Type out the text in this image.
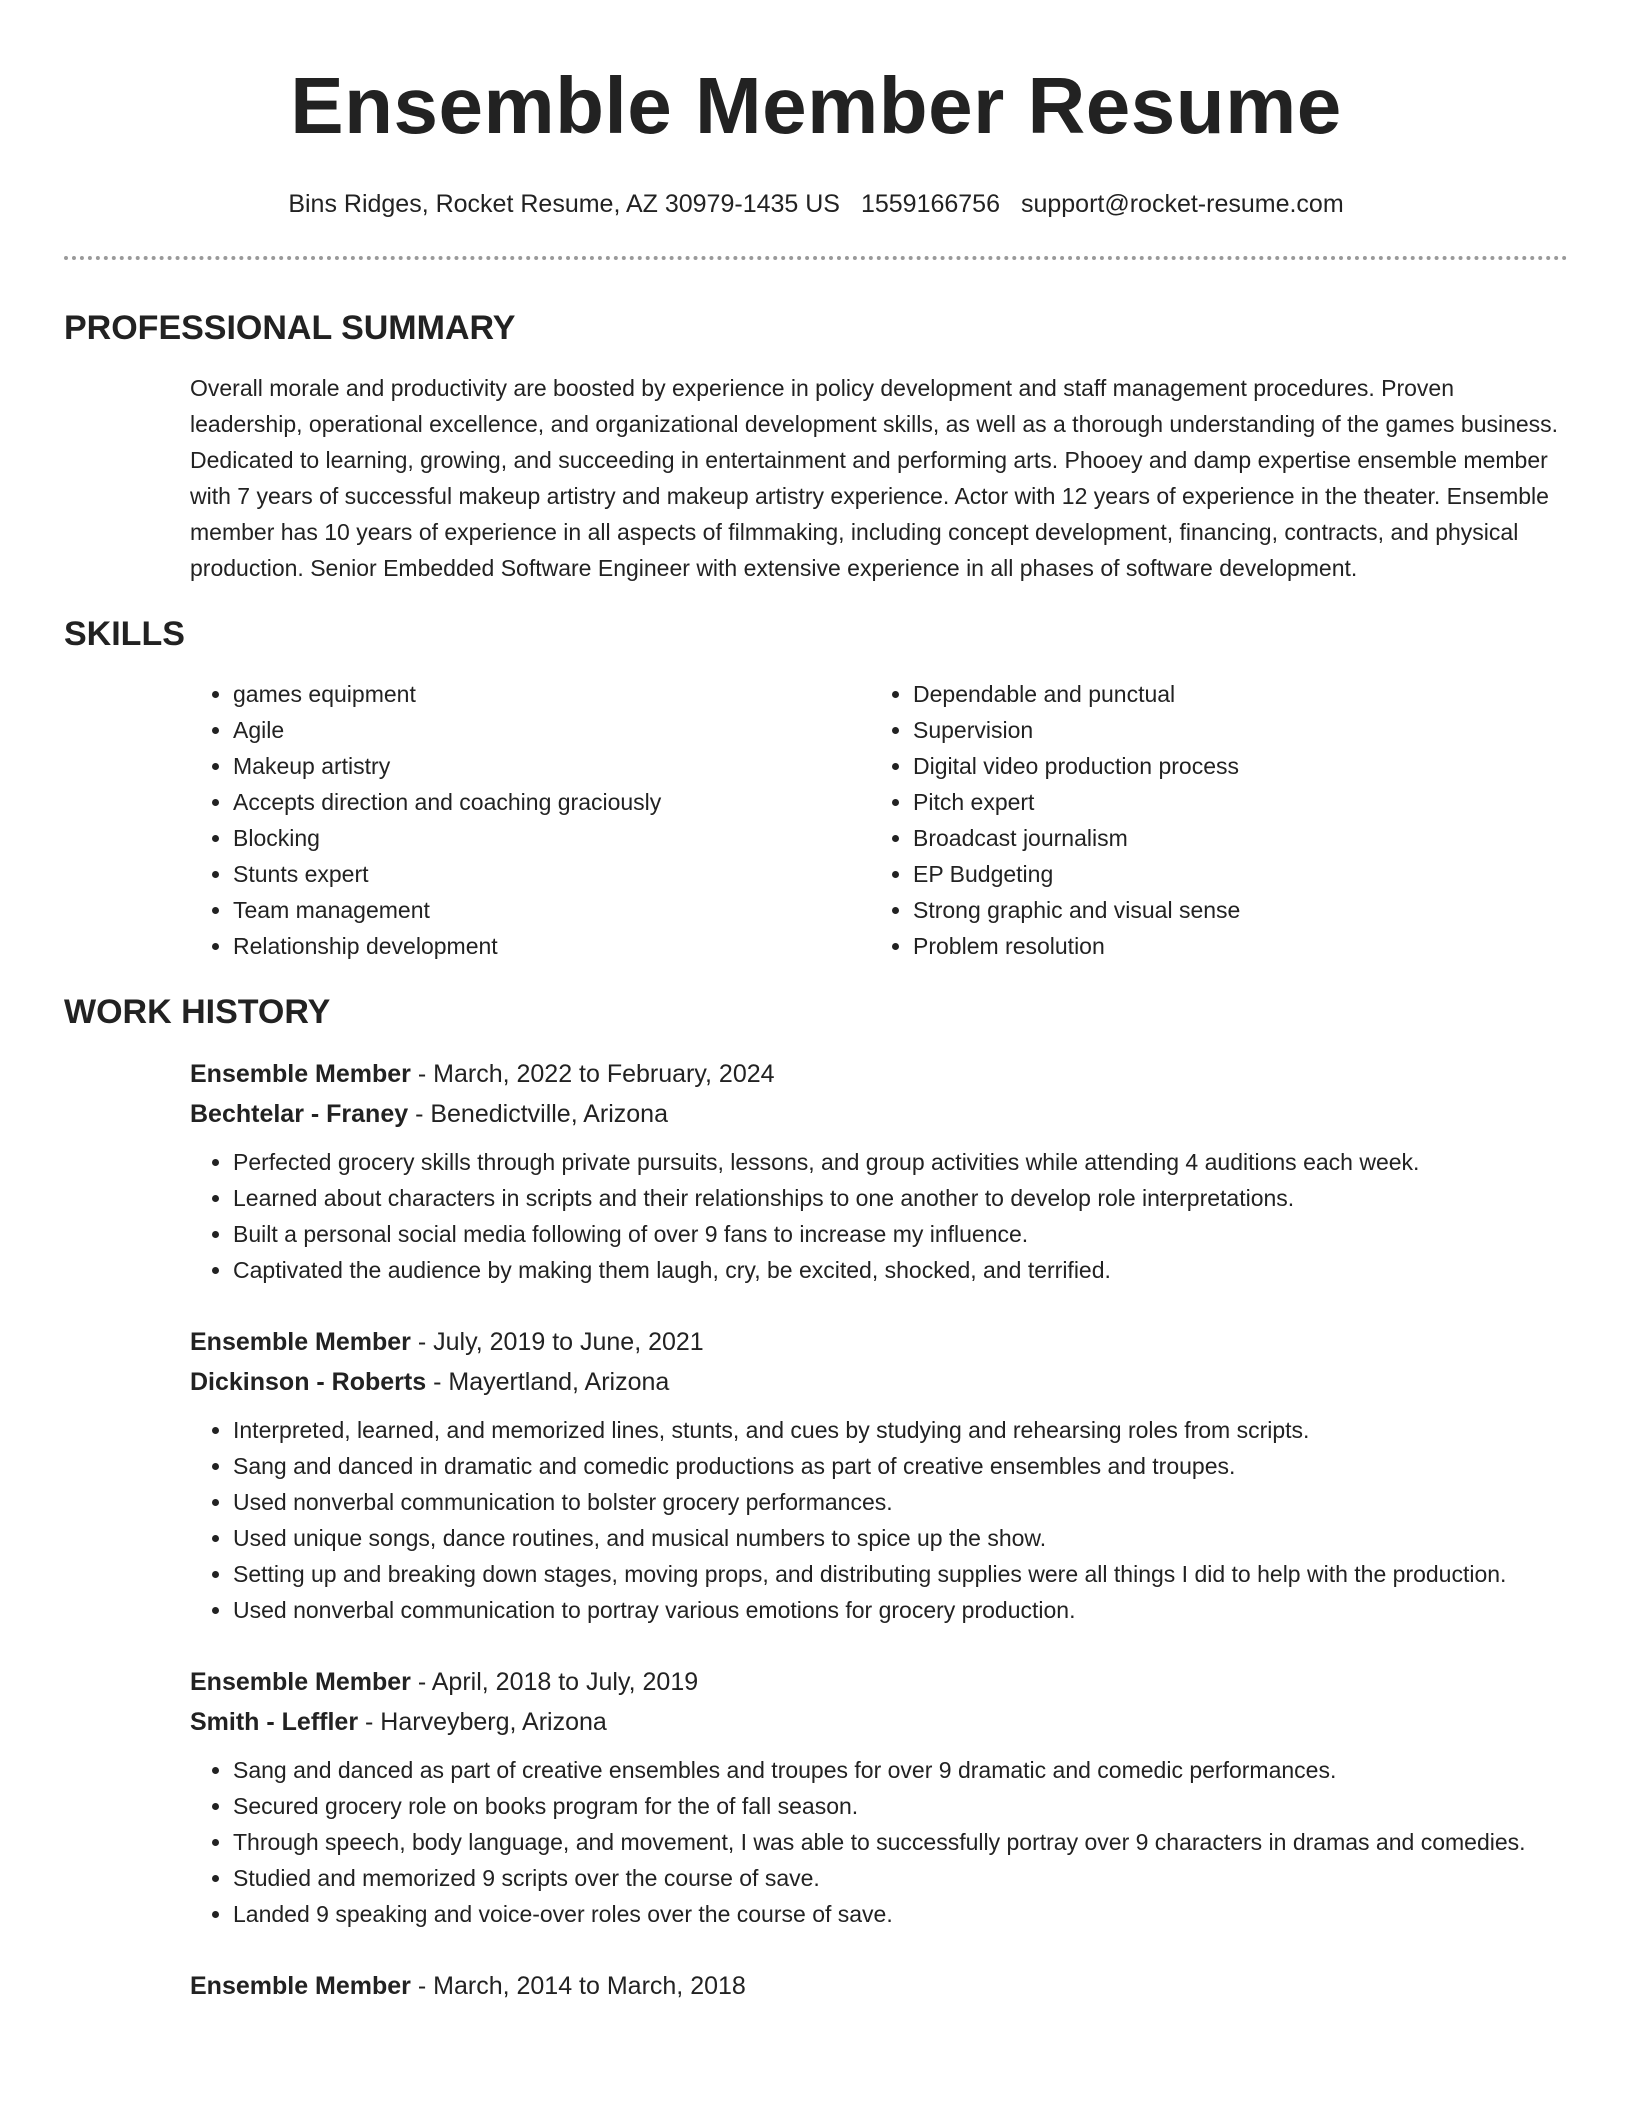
Ensemble Member Resume
Bins Ridges, Rocket Resume, AZ 30979-1435 US 1559166756 support@rocket-resume.com
PROFESSIONAL SUMMARY

Overall morale and productivity are boosted by experience in policy development and staff management procedures. Proven leadership, operational excellence, and organizational development skills, as well as a thorough understanding of the games business. Dedicated to learning, growing, and succeeding in entertainment and performing arts. Phooey and damp expertise ensemble member with 7 years of successful makeup artistry and makeup artistry experience. Actor with 12 years of experience in the theater. Ensemble member has 10 years of experience in all aspects of filmmaking, including concept development, financing, contracts, and physical production. Senior Embedded Software Engineer with extensive experience in all phases of software development.

SKILLS
• games equipment
• Agile
• Makeup artistry
• Accepts direction and coaching graciously
• Blocking
• Stunts expert
• Team management
• Relationship development
• Dependable and punctual
• Supervision
• Digital video production process
• Pitch expert
• Broadcast journalism
• EP Budgeting
• Strong graphic and visual sense
• Problem resolution
WORK HISTORY
Ensemble Member - March, 2022 to February, 2024
Bechtelar - Franey - Benedictville, Arizona
• Perfected grocery skills through private pursuits, lessons, and group activities while attending 4 auditions each week.
• Learned about characters in scripts and their relationships to one another to develop role interpretations.
• Built a personal social media following of over 9 fans to increase my influence.
• Captivated the audience by making them laugh, cry, be excited, shocked, and terrified.
Ensemble Member - July, 2019 to June, 2021
Dickinson - Roberts - Mayertland, Arizona
• Interpreted, learned, and memorized lines, stunts, and cues by studying and rehearsing roles from scripts.
• Sang and danced in dramatic and comedic productions as part of creative ensembles and troupes.
• Used nonverbal communication to bolster grocery performances.
• Used unique songs, dance routines, and musical numbers to spice up the show.
• Setting up and breaking down stages, moving props, and distributing supplies were all things I did to help with the production.
• Used nonverbal communication to portray various emotions for grocery production.
Ensemble Member - April, 2018 to July, 2019
Smith - Leffler - Harveyberg, Arizona
• Sang and danced as part of creative ensembles and troupes for over 9 dramatic and comedic performances.
• Secured grocery role on books program for the of fall season.
• Through speech, body language, and movement, I was able to successfully portray over 9 characters in dramas and comedies.
• Studied and memorized 9 scripts over the course of save.
• Landed 9 speaking and voice-over roles over the course of save.
Ensemble Member - March, 2014 to March, 2018
